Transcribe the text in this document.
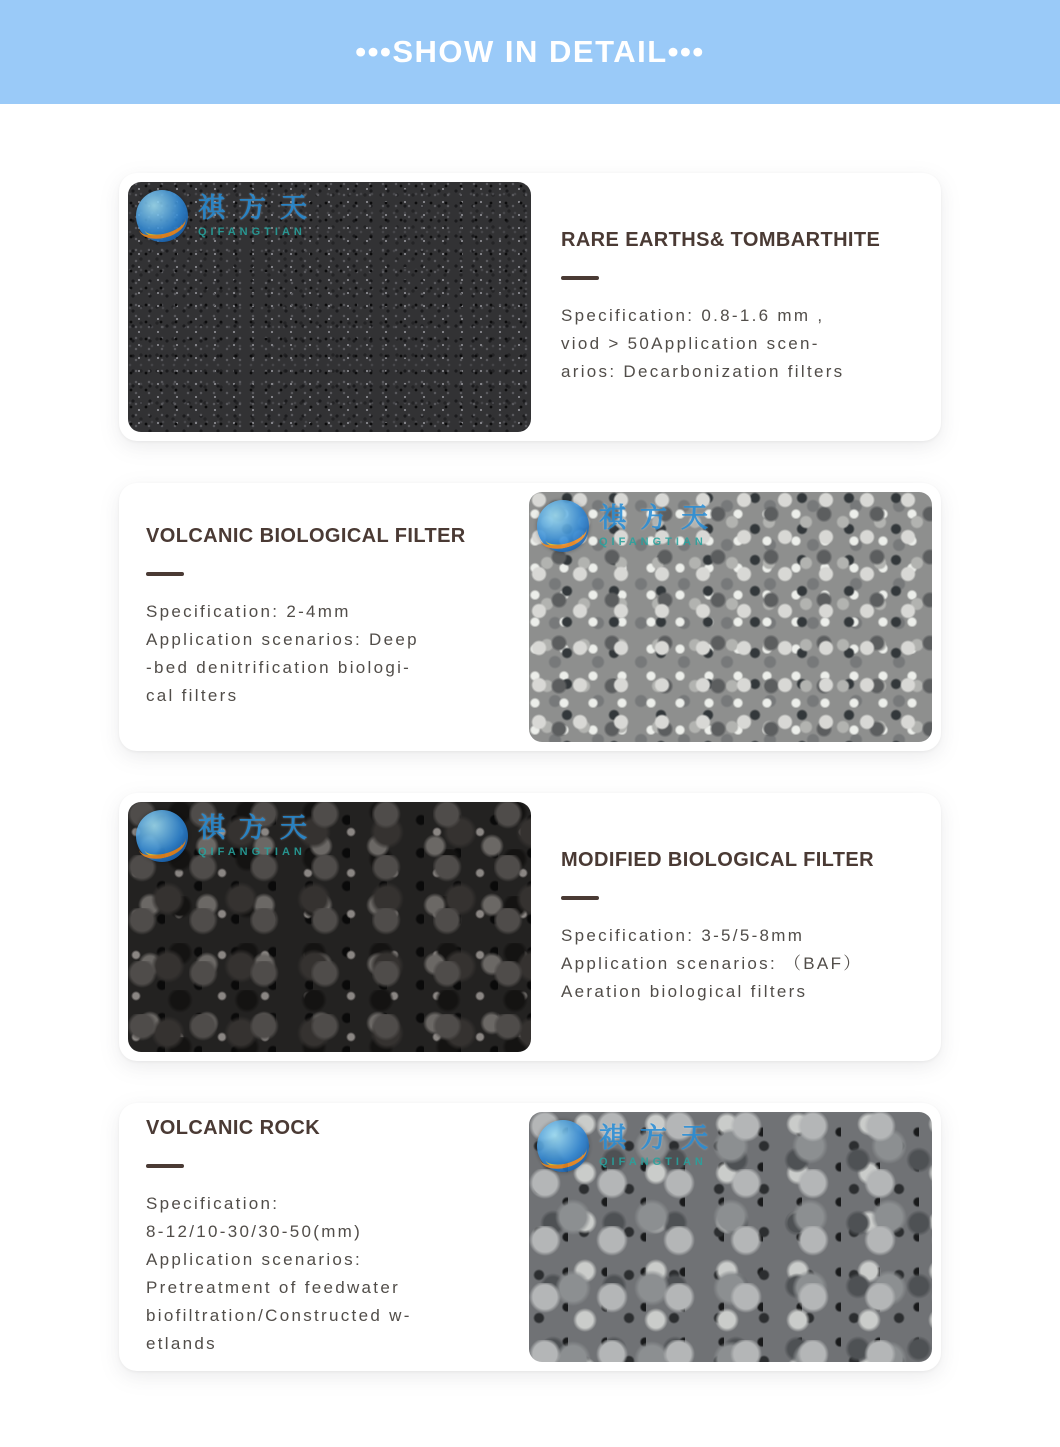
•••SHOW IN DETAIL•••
祺方天
QIFANGTIAN	RARE EARTHS& TOMBARTHITE

Specification: 0.8-1.6 mm ,

viod > 50Application scen-

arios: Decarbonization filters

VOLCANIC BIOLOGICAL FILTER

Specification: 2-4mm

Application scenarios: Deep

-bed denitrification biologi-

cal filters

祺方天
QIFANGTIAN
祺方天
QIFANGTIAN	MODIFIED BIOLOGICAL FILTER

Specification: 3-5/5-8mm

Application scenarios: （BAF）

Aeration biological filters

VOLCANIC ROCK

Specification:

8-12/10-30/30-50(mm)

Application scenarios:

Pretreatment of feedwater

biofiltration/Constructed w-

etlands

祺方天
QIFANGTIAN
